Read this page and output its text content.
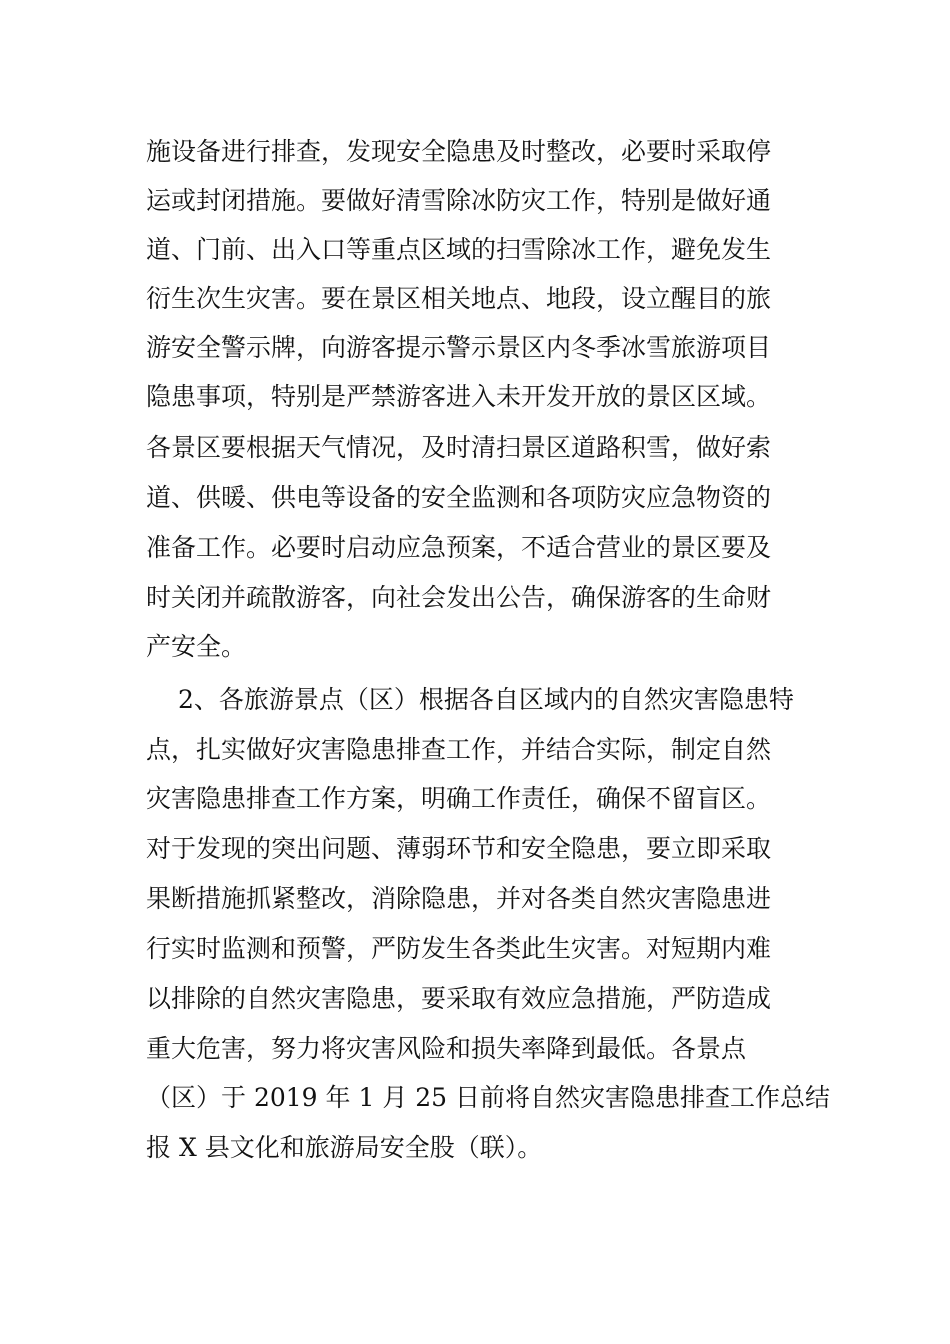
施设备进行排查，发现安全隐患及时整改，必要时采取停
运或封闭措施。要做好清雪除冰防灾工作，特别是做好通
道、门前、出入口等重点区域的扫雪除冰工作，避免发生
衍生次生灾害。要在景区相关地点、地段，设立醒目的旅
游安全警示牌，向游客提示警示景区内冬季冰雪旅游项目
隐患事项，特别是严禁游客进入未开发开放的景区区域。
各景区要根据天气情况，及时清扫景区道路积雪，做好索
道、供暖、供电等设备的安全监测和各项防灾应急物资的
准备工作。必要时启动应急预案，不适合营业的景区要及
时关闭并疏散游客，向社会发出公告，确保游客的生命财
产安全。
2、各旅游景点（区）根据各自区域内的自然灾害隐患特
点，扎实做好灾害隐患排查工作，并结合实际，制定自然
灾害隐患排查工作方案，明确工作责任，确保不留盲区。
对于发现的突出问题、薄弱环节和安全隐患，要立即采取
果断措施抓紧整改，消除隐患，并对各类自然灾害隐患进
行实时监测和预警，严防发生各类此生灾害。对短期内难
以排除的自然灾害隐患，要采取有效应急措施，严防造成
重大危害，努力将灾害风险和损失率降到最低。各景点
（区）于 2019 年 1 月 25 日前将自然灾害隐患排查工作总结
报 X 县文化和旅游局安全股（联）。
